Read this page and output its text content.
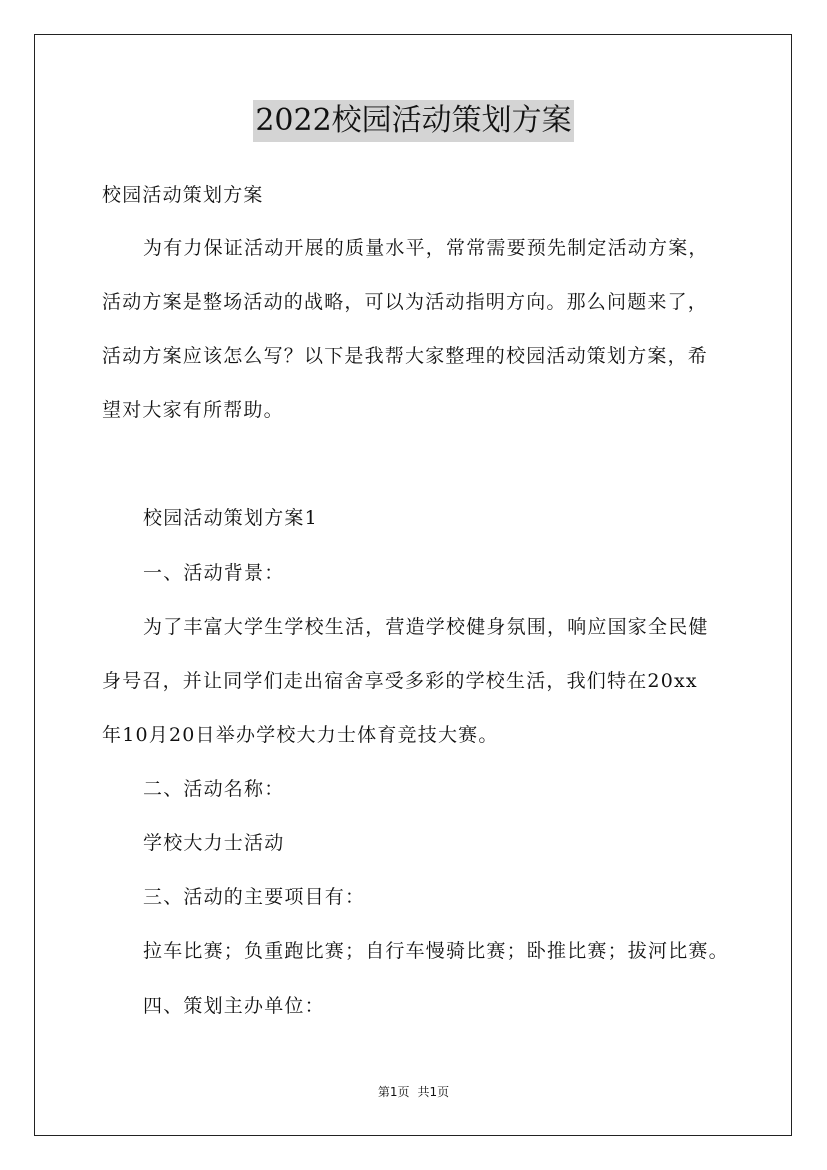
2022校园活动策划方案
校园活动策划方案
为有力保证活动开展的质量水平，常常需要预先制定活动方案，
活动方案是整场活动的战略，可以为活动指明方向。那么问题来了，
活动方案应该怎么写？以下是我帮大家整理的校园活动策划方案，希
望对大家有所帮助。
校园活动策划方案1
一、活动背景：
为了丰富大学生学校生活，营造学校健身氛围，响应国家全民健
身号召，并让同学们走出宿舍享受多彩的学校生活，我们特在20xx
年10月20日举办学校大力士体育竞技大赛。
二、活动名称：
学校大力士活动
三、活动的主要项目有：
拉车比赛；负重跑比赛；自行车慢骑比赛；卧推比赛；拔河比赛。
四、策划主办单位：
第1页 共1页
